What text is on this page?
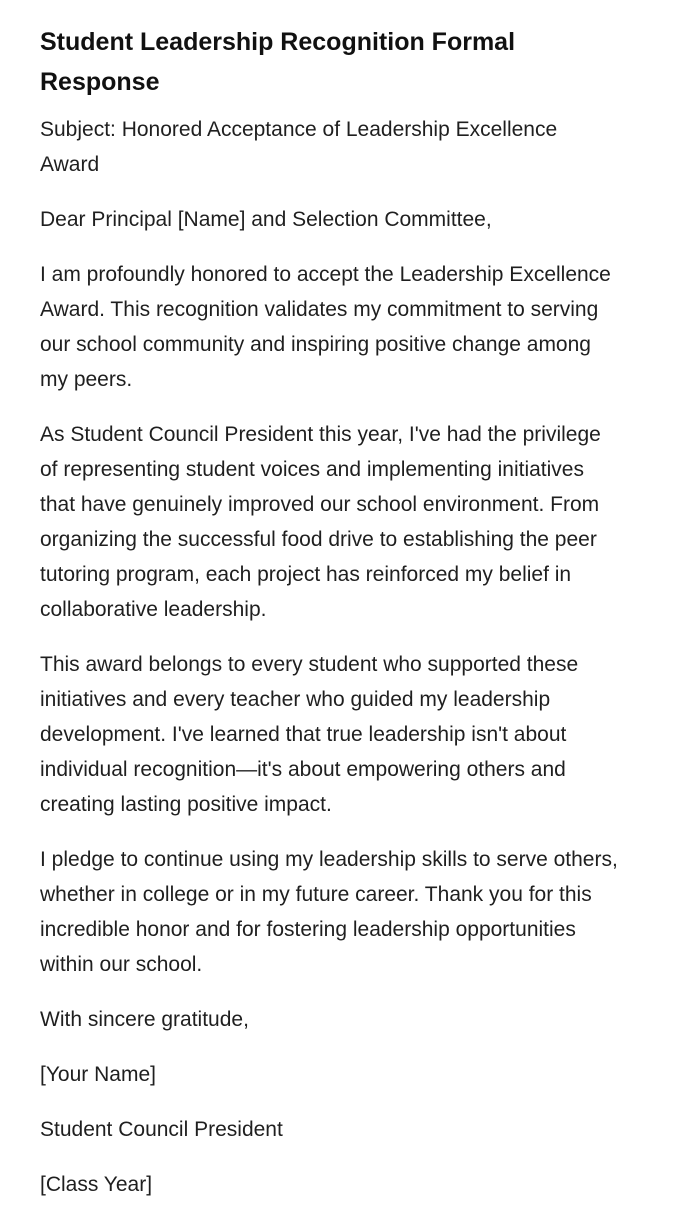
Student Leadership Recognition Formal Response

Subject: Honored Acceptance of Leadership Excellence Award

Dear Principal [Name] and Selection Committee,

I am profoundly honored to accept the Leadership Excellence Award. This recognition validates my commitment to serving our school community and inspiring positive change among my peers.

As Student Council President this year, I've had the privilege of representing student voices and implementing initiatives that have genuinely improved our school environment. From organizing the successful food drive to establishing the peer tutoring program, each project has reinforced my belief in collaborative leadership.

This award belongs to every student who supported these initiatives and every teacher who guided my leadership development. I've learned that true leadership isn't about individual recognition—it's about empowering others and creating lasting positive impact.

I pledge to continue using my leadership skills to serve others, whether in college or in my future career. Thank you for this incredible honor and for fostering leadership opportunities within our school.

With sincere gratitude,

[Your Name]

Student Council President

[Class Year]
